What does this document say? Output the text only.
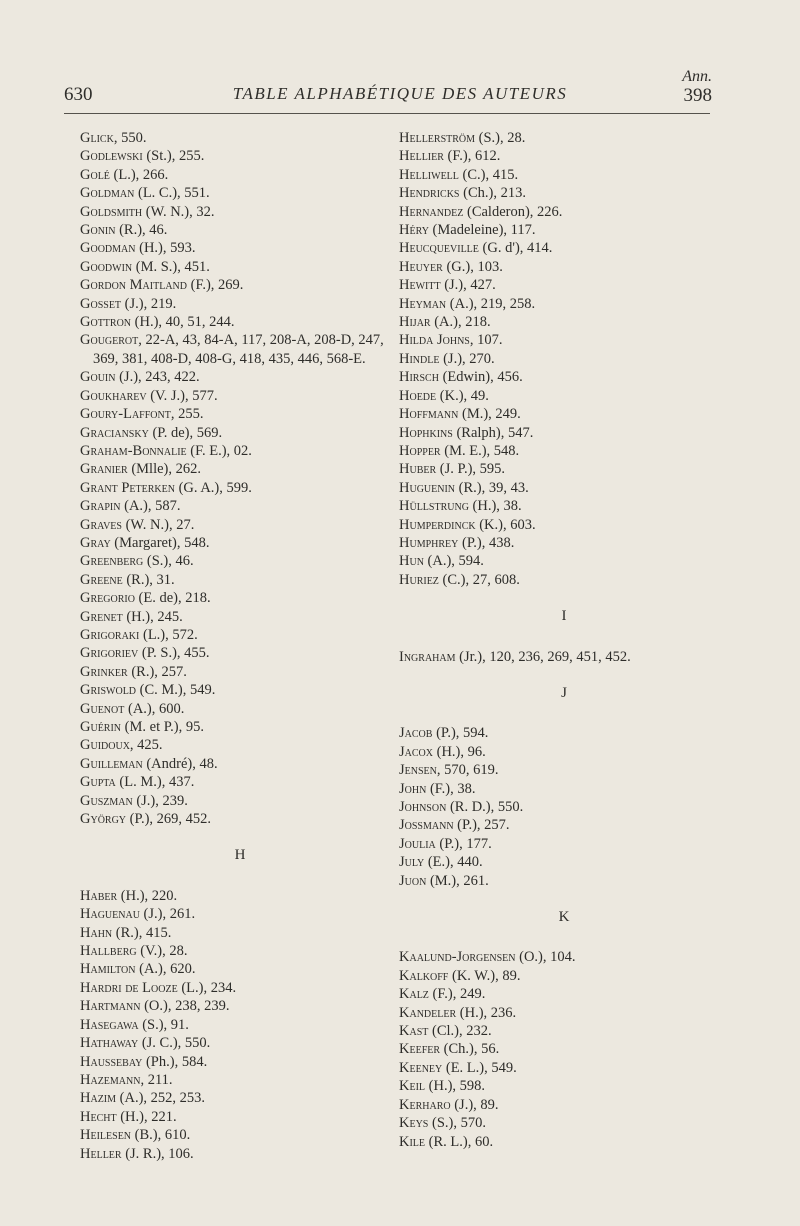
630	TABLE ALPHABÉTIQUE DES AUTEURS
Ann.
398
Glick, 550.
Godlewski (St.), 255.
Golé (L.), 266.
Goldman (L. C.), 551.
Goldsmith (W. N.), 32.
Gonin (R.), 46.
Goodman (H.), 593.
Goodwin (M. S.), 451.
Gordon Maitland (F.), 269.
Gosset (J.), 219.
Gottron (H.), 40, 51, 244.
Gougerot, 22-A, 43, 84-A, 117, 208-A, 208-D, 247, 369, 381, 408-D, 408-G, 418, 435, 446, 568-E.
Gouin (J.), 243, 422.
Goukharev (V. J.), 577.
Goury-Laffont, 255.
Graciansky (P. de), 569.
Graham-Bonnalie (F. E.), 02.
Granier (Mlle), 262.
Grant Peterken (G. A.), 599.
Grapin (A.), 587.
Graves (W. N.), 27.
Gray (Margaret), 548.
Greenberg (S.), 46.
Greene (R.), 31.
Gregorio (E. de), 218.
Grenet (H.), 245.
Grigoraki (L.), 572.
Grigoriev (P. S.), 455.
Grinker (R.), 257.
Griswold (C. M.), 549.
Guenot (A.), 600.
Guérin (M. et P.), 95.
Guidoux, 425.
Guilleman (André), 48.
Gupta (L. M.), 437.
Guszman (J.), 239.
György (P.), 269, 452.
H
Haber (H.), 220.
Haguenau (J.), 261.
Hahn (R.), 415.
Hallberg (V.), 28.
Hamilton (A.), 620.
Hardri de Looze (L.), 234.
Hartmann (O.), 238, 239.
Hasegawa (S.), 91.
Hathaway (J. C.), 550.
Haussebay (Ph.), 584.
Hazemann, 211.
Hazim (A.), 252, 253.
Hecht (H.), 221.
Heilesen (B.), 610.
Heller (J. R.), 106.
Hellerström (S.), 28.
Hellier (F.), 612.
Helliwell (C.), 415.
Hendricks (Ch.), 213.
Hernandez (Calderon), 226.
Héry (Madeleine), 117.
Heucqueville (G. d'), 414.
Heuyer (G.), 103.
Hewitt (J.), 427.
Heyman (A.), 219, 258.
Hijar (A.), 218.
Hilda Johns, 107.
Hindle (J.), 270.
Hirsch (Edwin), 456.
Hoede (K.), 49.
Hoffmann (M.), 249.
Hophkins (Ralph), 547.
Hopper (M. E.), 548.
Huber (J. P.), 595.
Huguenin (R.), 39, 43.
Hüllstrung (H.), 38.
Humperdinck (K.), 603.
Humphrey (P.), 438.
Hun (A.), 594.
Huriez (C.), 27, 608.
I
Ingraham (Jr.), 120, 236, 269, 451, 452.
J
Jacob (P.), 594.
Jacox (H.), 96.
Jensen, 570, 619.
John (F.), 38.
Johnson (R. D.), 550.
Jossmann (P.), 257.
Joulia (P.), 177.
July (E.), 440.
Juon (M.), 261.
K
Kaalund-Jorgensen (O.), 104.
Kalkoff (K. W.), 89.
Kalz (F.), 249.
Kandeler (H.), 236.
Kast (Cl.), 232.
Keefer (Ch.), 56.
Keeney (E. L.), 549.
Keil (H.), 598.
Kerharo (J.), 89.
Keys (S.), 570.
Kile (R. L.), 60.
